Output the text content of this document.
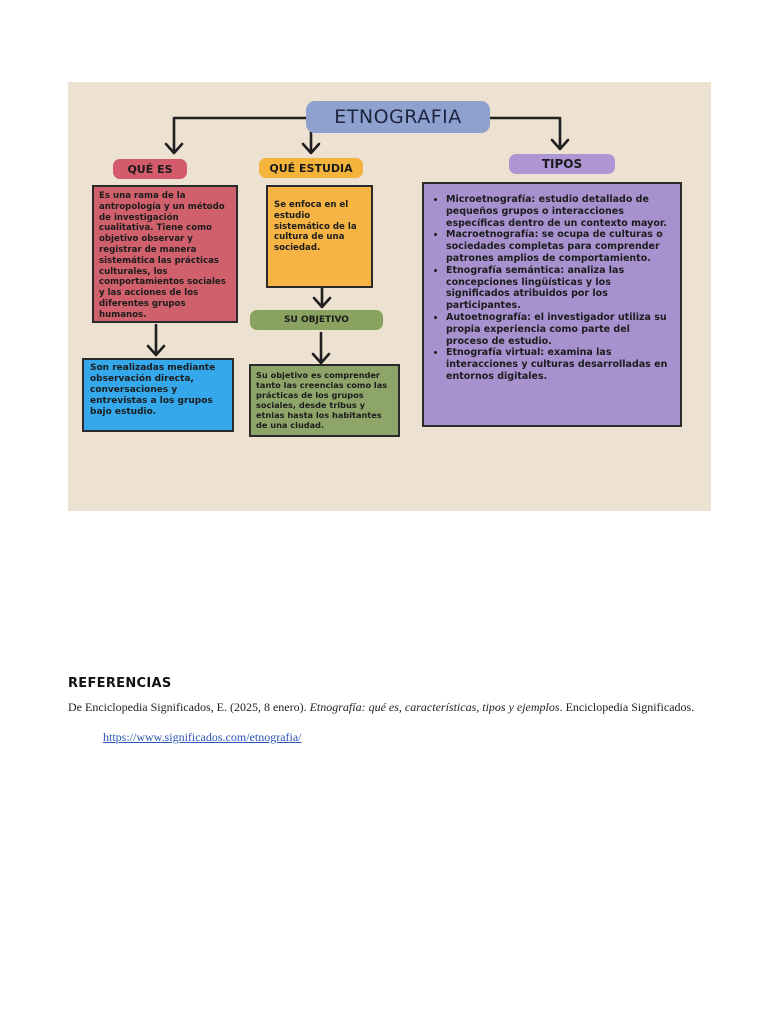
ETNOGRAFIA
QUÉ ES	QUÉ ESTUDIA	TIPOS
SU OBJETIVO
Es una rama de la antropología y un método de investigación cualitativa. Tiene como objetivo observar y registrar de manera sistemática las prácticas culturales, los comportamientos sociales y las acciones de los diferentes grupos humanos.
Se enfoca en el estudio sistemático de la cultura de una sociedad.
Son realizadas mediante observación directa, conversaciones y entrevistas a los grupos bajo estudio.
Su objetivo es comprender tanto las creencias como las prácticas de los grupos sociales, desde tribus y etnias hasta los habitantes de una ciudad.
• Microetnografía: estudio detallado de pequeños grupos o interacciones específicas dentro de un contexto mayor.
• Macroetnografía: se ocupa de culturas o sociedades completas para comprender patrones amplios de comportamiento.
• Etnografía semántica: analiza las concepciones lingüísticas y los significados atribuidos por los participantes.
• Autoetnografía: el investigador utiliza su propia experiencia como parte del proceso de estudio.
• Etnografía virtual: examina las interacciones y culturas desarrolladas en entornos digitales.
REFERENCIAS
De Enciclopedia Significados, E. (2025, 8 enero). Etnografía: qué es, características, tipos y ejemplos. Enciclopedia Significados.
https://www.significados.com/etnografia/
